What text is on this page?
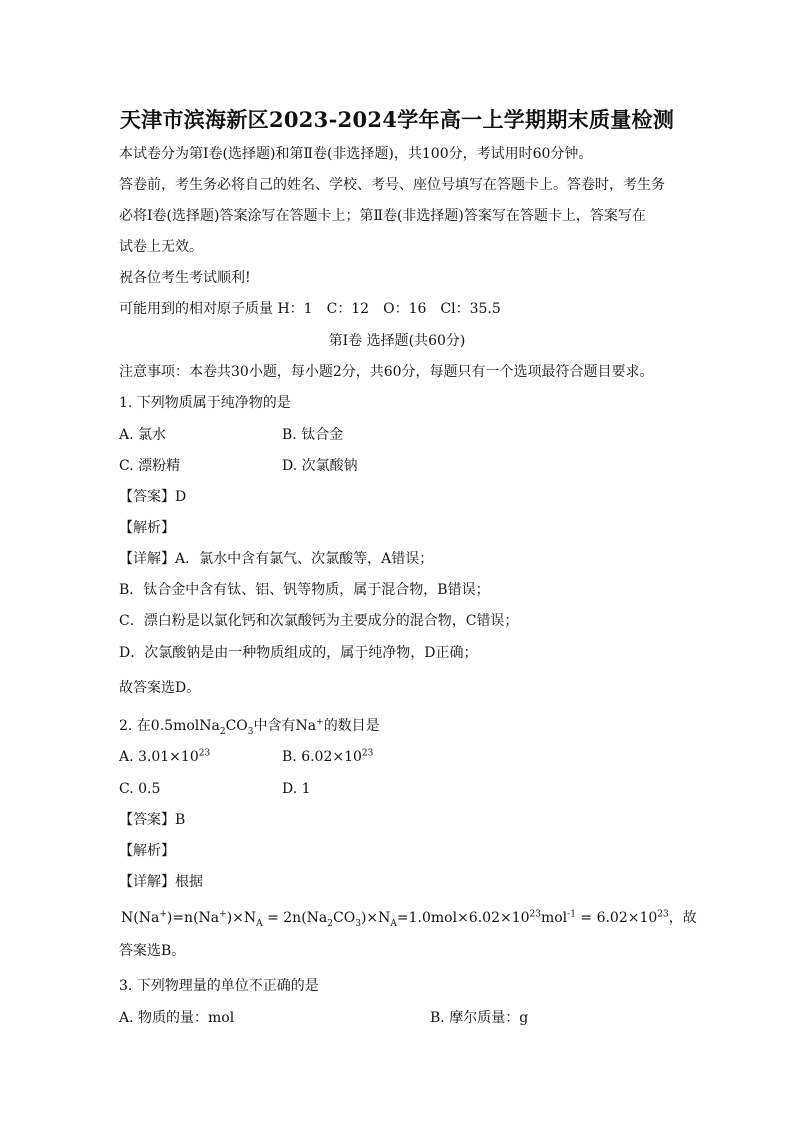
天津市滨海新区2023-2024学年高一上学期期末质量检测
本试卷分为第Ⅰ卷(选择题)和第Ⅱ卷(非选择题)，共100分，考试用时60分钟。
答卷前，考生务必将自己的姓名、学校、考号、座位号填写在答题卡上。答卷时，考生务
必将Ⅰ卷(选择题)答案涂写在答题卡上；第Ⅱ卷(非选择题)答案写在答题卡上，答案写在
试卷上无效。
祝各位考生考试顺利!
可能用到的相对原子质量 H：1　C：12　O：16　Cl：35.5
第Ⅰ卷 选择题(共60分)
注意事项：本卷共30小题，每小题2分，共60分，每题只有一个选项最符合题目要求。
1. 下列物质属于纯净物的是
A. 氯水	B. 钛合金
C. 漂粉精	D. 次氯酸钠
【答案】D
【解析】
【详解】A．氯水中含有氯气、次氯酸等，A错误；
B．钛合金中含有钛、铝、钒等物质，属于混合物，B错误；
C．漂白粉是以氯化钙和次氯酸钙为主要成分的混合物，C错误；
D．次氯酸钠是由一种物质组成的，属于纯净物，D正确；
故答案选D。
2. 在$0.5molNa_2CO_3$中含有Na+的数目是
A. $3.01\times 10^{23}$	B. $6.02\times 10^{23}$
C. 0.5	D. 1
【答案】B
【解析】
【详解】根据
$N(Na^+)=n(Na^+)\times N_A = 2n(Na_2CO_3)\times N_A=1.0mol\times 6.02\times 10^{23}mol^{-1} = 6.02\times 10^{23}$，故
答案选B。
3. 下列物理量的单位不正确的是
A. 物质的量：mol	B. 摩尔质量：g
